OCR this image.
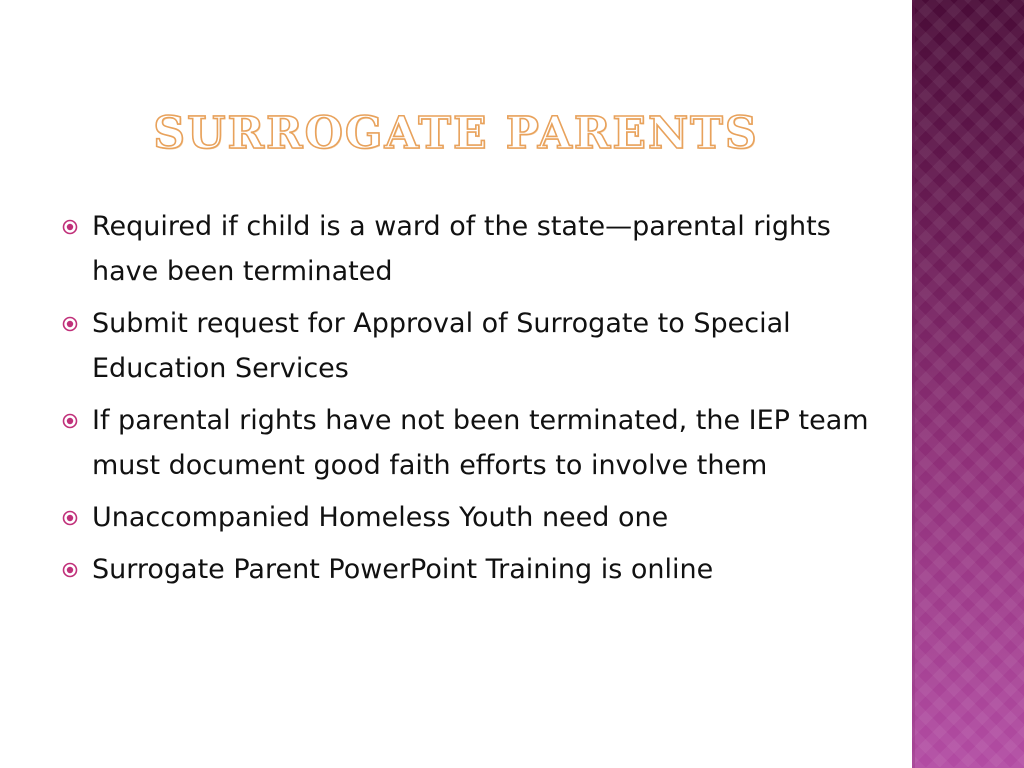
SURROGATE PARENTS
Required if child is a ward of the state—parental rights have been terminated
Submit request for Approval of Surrogate to Special Education Services
If parental rights have not been terminated, the IEP team must document good faith efforts to involve them
Unaccompanied Homeless Youth need one
Surrogate Parent PowerPoint Training is online
